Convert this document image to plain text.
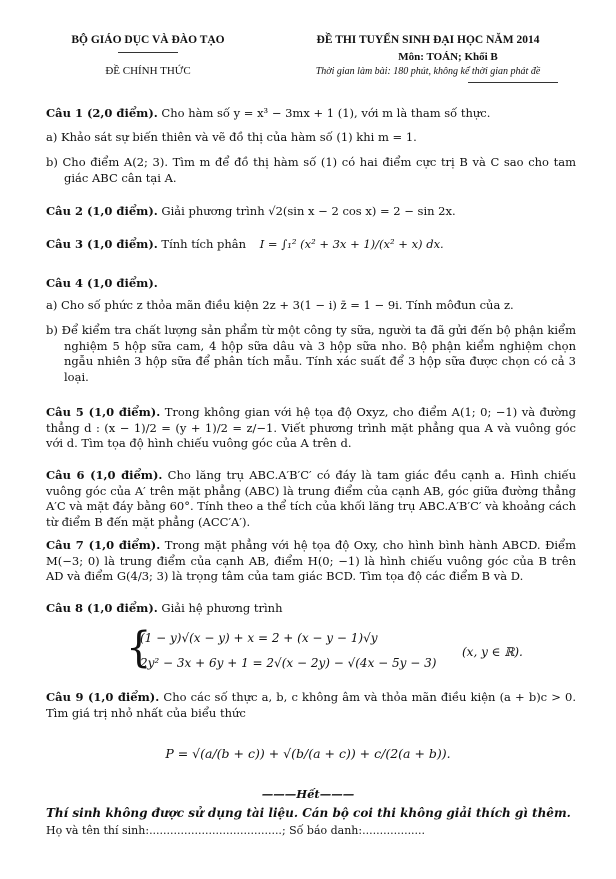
BỘ GIÁO DỤC VÀ ĐÀO TẠO
ĐỀ CHÍNH THỨC
ĐỀ THI TUYỂN SINH ĐẠI HỌC NĂM 2014
Môn: TOÁN; Khối B
Thời gian làm bài: 180 phút, không kể thời gian phát đề
Câu 1 (2,0 điểm). Cho hàm số y = x³ − 3mx + 1 (1), với m là tham số thực.
a) Khảo sát sự biến thiên và vẽ đồ thị của hàm số (1) khi m = 1.
b) Cho điểm A(2; 3). Tìm m để đồ thị hàm số (1) có hai điểm cực trị B và C sao cho tam giác ABC cân tại A.
Câu 2 (1,0 điểm). Giải phương trình √2(sin x − 2 cos x) = 2 − sin 2x.
Câu 3 (1,0 điểm). Tính tích phân I = ∫₁² (x² + 3x + 1)/(x² + x) dx.
Câu 4 (1,0 điểm).
a) Cho số phức z thỏa mãn điều kiện 2z + 3(1 − i) z̄ = 1 − 9i. Tính môđun của z.
b) Để kiểm tra chất lượng sản phẩm từ một công ty sữa, người ta đã gửi đến bộ phận kiểm nghiệm 5 hộp sữa cam, 4 hộp sữa dâu và 3 hộp sữa nho. Bộ phận kiểm nghiệm chọn ngẫu nhiên 3 hộp sữa để phân tích mẫu. Tính xác suất để 3 hộp sữa được chọn có cả 3 loại.
Câu 5 (1,0 điểm). Trong không gian với hệ tọa độ Oxyz, cho điểm A(1; 0; −1) và đường thẳng d : (x − 1)/2 = (y + 1)/2 = z/−1. Viết phương trình mặt phẳng qua A và vuông góc với d. Tìm tọa độ hình chiếu vuông góc của A trên d.
Câu 6 (1,0 điểm). Cho lăng trụ ABC.A′B′C′ có đáy là tam giác đều cạnh a. Hình chiếu vuông góc của A′ trên mặt phẳng (ABC) là trung điểm của cạnh AB, góc giữa đường thẳng A′C và mặt đáy bằng 60°. Tính theo a thể tích của khối lăng trụ ABC.A′B′C′ và khoảng cách từ điểm B đến mặt phẳng (ACC′A′).
Câu 7 (1,0 điểm). Trong mặt phẳng với hệ tọa độ Oxy, cho hình bình hành ABCD. Điểm M(−3; 0) là trung điểm của cạnh AB, điểm H(0; −1) là hình chiếu vuông góc của B trên AD và điểm G(4/3; 3) là trọng tâm của tam giác BCD. Tìm tọa độ các điểm B và D.
Câu 8 (1,0 điểm). Giải hệ phương trình
{
(1 − y)√(x − y) + x = 2 + (x − y − 1)√y
2y² − 3x + 6y + 1 = 2√(x − 2y) − √(4x − 5y − 3)
(x, y ∈ ℝ).
Câu 9 (1,0 điểm). Cho các số thực a, b, c không âm và thỏa mãn điều kiện (a + b)c > 0. Tìm giá trị nhỏ nhất của biểu thức
P = √(a/(b + c)) + √(b/(a + c)) + c/(2(a + b)).
———Hết———
Thí sinh không được sử dụng tài liệu. Cán bộ coi thi không giải thích gì thêm.
Họ và tên thí sinh:......................................; Số báo danh:..................
